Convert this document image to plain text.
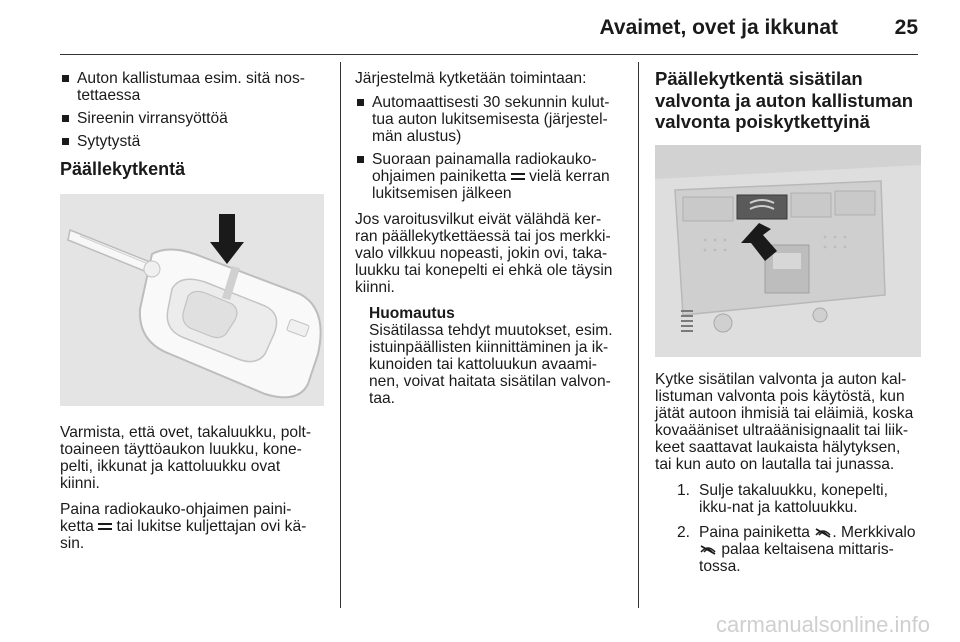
Avaimet, ovet ja ikkunat	25
Auton kallistumaa esim. sitä nos-tettaessa
Sireenin virransyöttöä
Sytytystä
Päällekytkentä

Varmista, että ovet, takaluukku, polt-toaineen täyttöaukon luukku, kone-pelti, ikkunat ja kattoluukku ovat kiinni.

Paina radiokauko-ohjaimen paini-ketta tai lukitse kuljettajan ovi kä-sin.

Järjestelmä kytketään toimintaan:

Automaattisesti 30 sekunnin kulut-tua auton lukitsemisesta (järjestel-män alustus)
Suoraan painamalla radiokauko-ohjaimen painiketta vielä kerran lukitsemisen jälkeen

Jos varoitusvilkut eivät välähdä ker-ran päällekytkettäessä tai jos merkki-valo vilkkuu nopeasti, jokin ovi, taka-luukku tai konepelti ei ehkä ole täysin kiinni.

Huomautus
Sisätilassa tehdyt muutokset, esim. istuinpäällisten kiinnittäminen ja ik-kunoiden tai kattoluukun avaami-nen, voivat haitata sisätilan valvon-taa.
Päällekytkentä sisätilan valvonta ja auton kallistuman valvonta poiskytkettyinä

Kytke sisätilan valvonta ja auton kal-listuman valvonta pois käytöstä, kun jätät autoon ihmisiä tai eläimiä, koska kovaääniset ultraäänisignaalit tai liik-keet saattavat laukaista hälytyksen, tai kun auto on lautalla tai junassa.

1. Sulje takaluukku, konepelti, ikku-nat ja kattoluukku.
2. Paina painiketta . Merkkivalo  palaa keltaisena mittaris-tossa.
carmanualsonline.info
